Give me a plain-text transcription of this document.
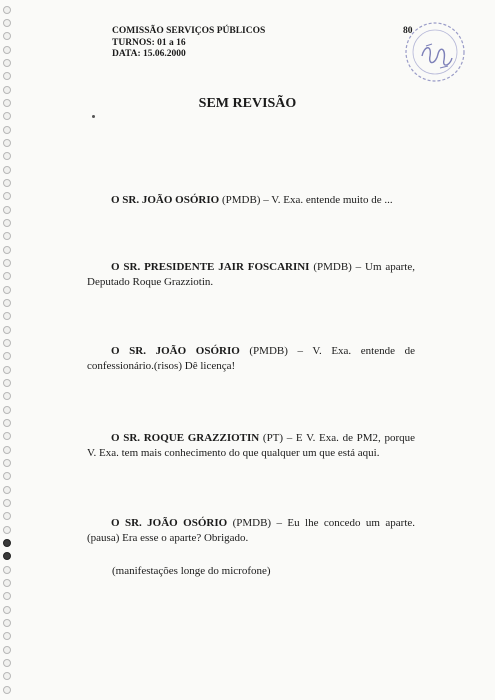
COMISSÃO SERVIÇOS PÚBLICOS
TURNOS: 01 a 16
DATA: 15.06.2000
80
SEM REVISÃO
O SR. JOÃO OSÓRIO (PMDB) – V. Exa. entende muito de ...
O SR. PRESIDENTE JAIR FOSCARINI (PMDB) – Um aparte, Deputado Roque Grazziotin.
O SR. JOÃO OSÓRIO (PMDB) – V. Exa. entende de confessionário.(risos) Dê licença!
O SR. ROQUE GRAZZIOTIN (PT) – E V. Exa. de PM2, porque V. Exa. tem mais conhecimento do que qualquer um que está aqui.
O SR. JOÃO OSÓRIO (PMDB) – Eu lhe concedo um aparte.(pausa) Era esse o aparte? Obrigado.
(manifestações longe do microfone)
